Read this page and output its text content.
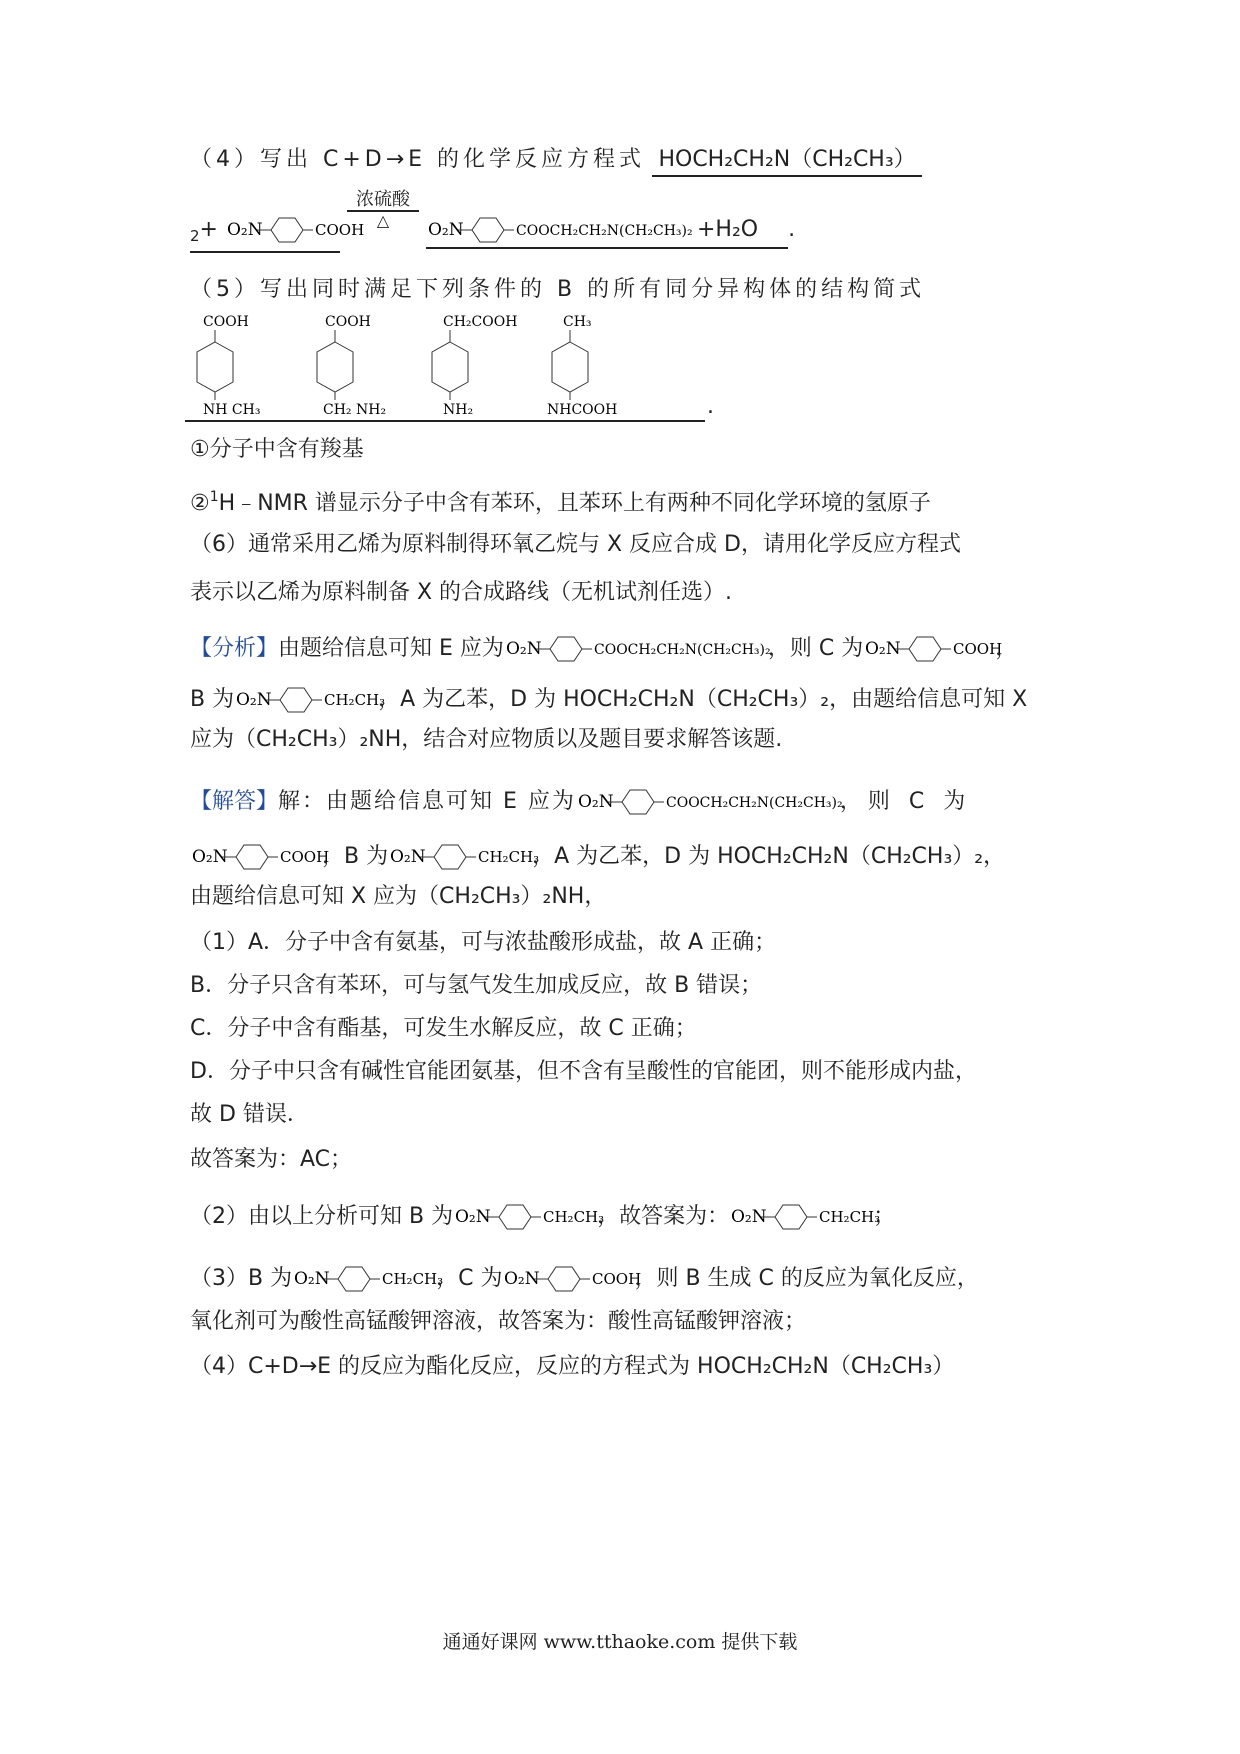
（4）写出 C+D→E 的化学反应方程式 HOCH₂CH₂N（CH₂CH₃）
$_2$+ O₂N	COOH

浓硫酸
△
	O₂N	COOCH₂CH₂N(CH₂CH₃)₂ +H₂O .
（5）写出同时满足下列条件的 B 的所有同分异构体的结构简式
COOH
NH CH₃
COOH
CH₂ NH₂
CH₂COOH
NH₂
CH₃
NHCOOH	.
①分子中含有羧基
②$^1$H﹣NMR 谱显示分子中含有苯环，且苯环上有两种不同化学环境的氢原子
（6）通常采用乙烯为原料制得环氧乙烷与 X 反应合成 D，请用化学反应方程式
表示以乙烯为原料制备 X 的合成路线（无机试剂任选）.
【分析】由题给信息可知 E 应为 O₂N	COOCH₂CH₂N(CH₂CH₃)₂
，则 C 为 O₂N	COOH
，
B 为 O₂N	CH₂CH₃
，A 为乙苯，D 为 HOCH₂CH₂N（CH₂CH₃）₂，由题给信息可知 X
应为（CH₂CH₃）₂NH，结合对应物质以及题目要求解答该题.
【解答】解：由题给信息可知 E 应为 O₂N	COOCH₂CH₂N(CH₂CH₃)₂
，则 C 为
O₂N	COOH
，B 为 O₂N	CH₂CH₃
，A 为乙苯，D 为 HOCH₂CH₂N（CH₂CH₃）₂，
由题给信息可知 X 应为（CH₂CH₃）₂NH，
（1）A．分子中含有氨基，可与浓盐酸形成盐，故 A 正确；
B．分子只含有苯环，可与氢气发生加成反应，故 B 错误；
C．分子中含有酯基，可发生水解反应，故 C 正确；
D．分子中只含有碱性官能团氨基，但不含有呈酸性的官能团，则不能形成内盐，
故 D 错误．
故答案为：AC；
（2）由以上分析可知 B 为 O₂N	CH₂CH₃
，故答案为： O₂N	CH₂CH₃
；
（3）B 为 O₂N	CH₂CH₃
，C 为 O₂N	COOH
，则 B 生成 C 的反应为氧化反应，
氧化剂可为酸性高锰酸钾溶液，故答案为：酸性高锰酸钾溶液；
（4）C+D→E 的反应为酯化反应，反应的方程式为 HOCH₂CH₂N（CH₂CH₃）
通通好课网 www.tthaoke.com 提供下载
